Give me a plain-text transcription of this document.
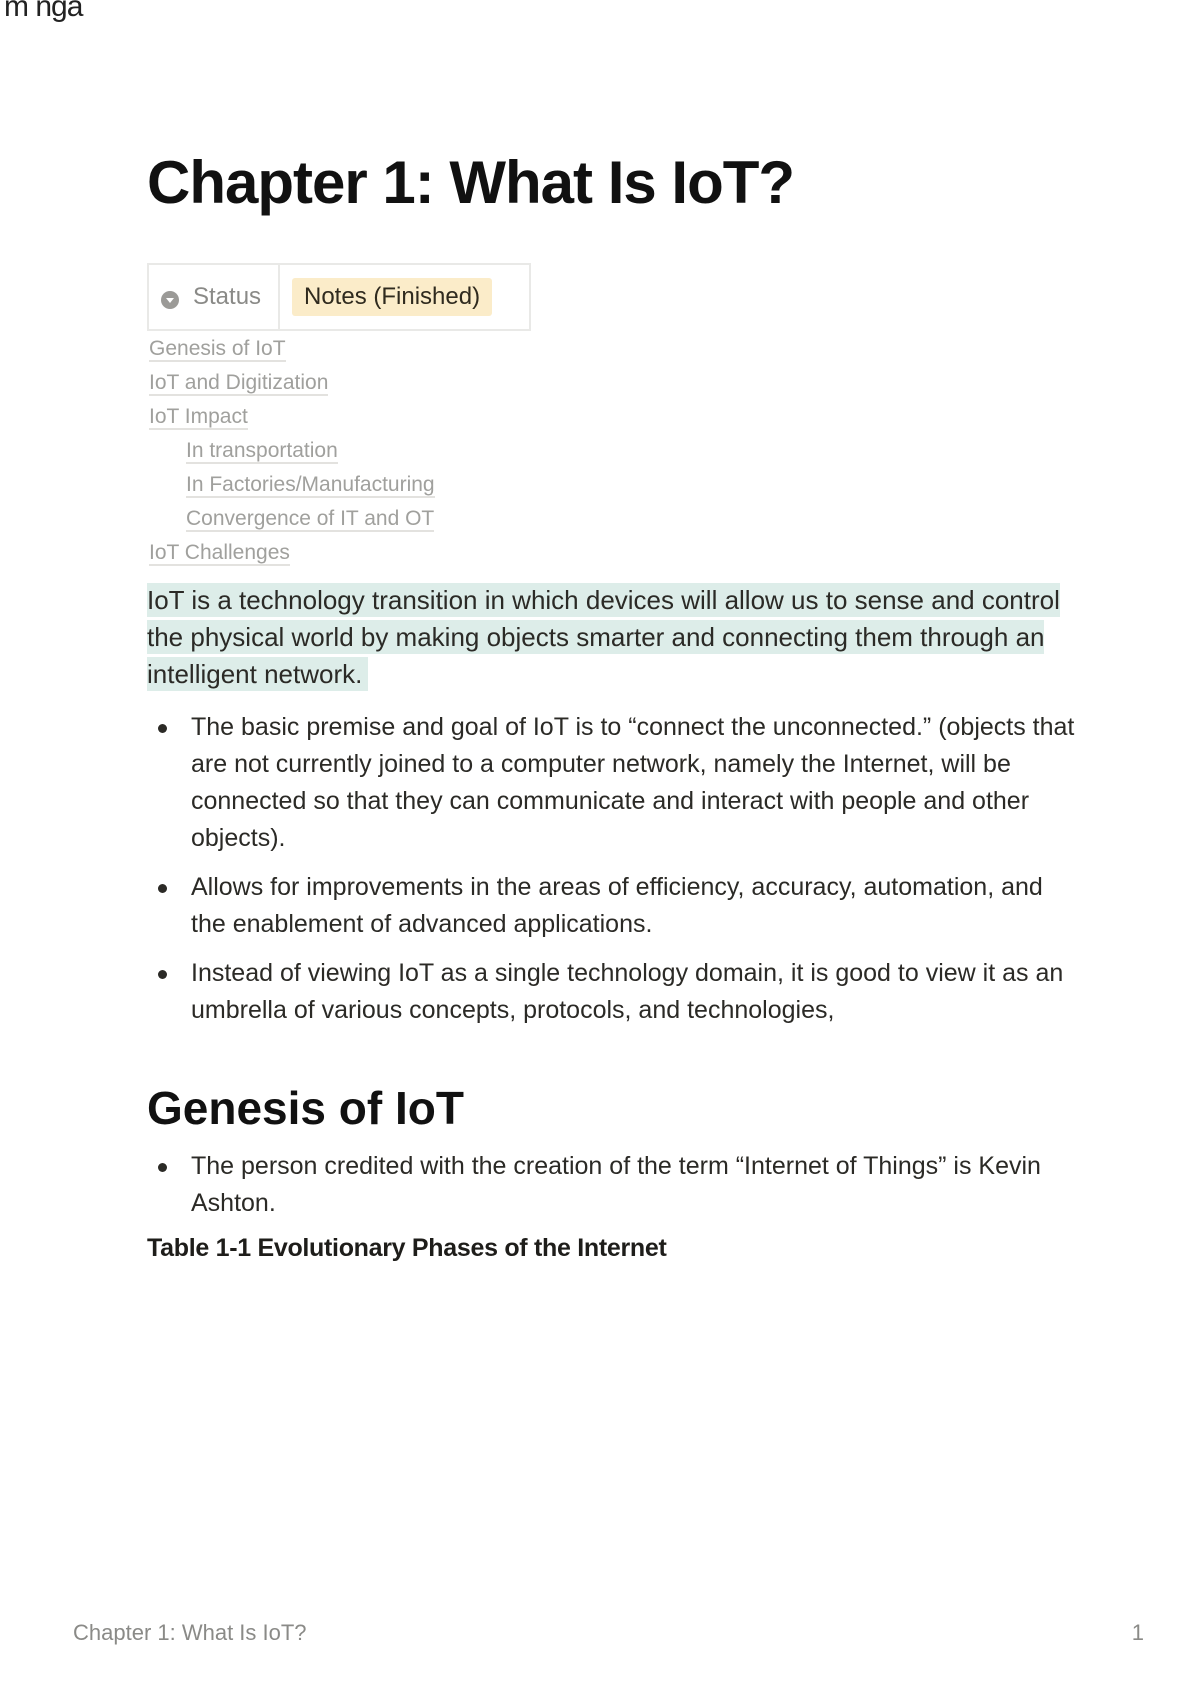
m nga
Chapter 1: What Is IoT?
Status	Notes (Finished)
Genesis of IoT
IoT and Digitization
IoT Impact
In transportation
In Factories/Manufacturing
Convergence of IT and OT
IoT Challenges

IoT is a technology transition in which devices will allow us to sense and control the physical world by making objects smarter and connecting them through an intelligent network.

The basic premise and goal of IoT is to “connect the unconnected.” (objects that are not currently joined to a computer network, namely the Internet, will be connected so that they can communicate and interact with people and other objects).
Allows for improvements in the areas of efficiency, accuracy, automation, and the enablement of advanced applications.
Instead of viewing IoT as a single technology domain, it is good to view it as an umbrella of various concepts, protocols, and technologies,
Genesis of IoT
The person credited with the creation of the term “Internet of Things” is Kevin Ashton.

Table 1-1 Evolutionary Phases of the Internet

Chapter 1: What Is IoT?	1
